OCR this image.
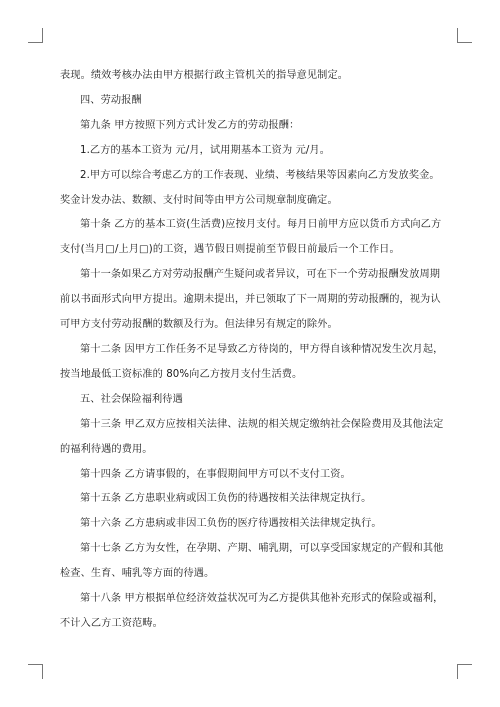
表现。绩效考核办法由甲方根据行政主管机关的指导意见制定。

四、劳动报酬

第九条 甲方按照下列方式计发乙方的劳动报酬：

1.乙方的基本工资为 元/月，试用期基本工资为 元/月。

2.甲方可以综合考虑乙方的工作表现、业绩、考核结果等因素向乙方发放奖金。

奖金计发办法、数额、支付时间等由甲方公司规章制度确定。

第十条 乙方的基本工资(生活费)应按月支付。每月日前甲方应以货币方式向乙方

支付(当月□/上月□)的工资，遇节假日则提前至节假日前最后一个工作日。

第十一条如果乙方对劳动报酬产生疑问或者异议，可在下一个劳动报酬发放周期

前以书面形式向甲方提出。逾期未提出，并已领取了下一周期的劳动报酬的，视为认

可甲方支付劳动报酬的数额及行为。但法律另有规定的除外。

第十二条 因甲方工作任务不足导致乙方待岗的，甲方得自该种情况发生次月起，

按当地最低工资标准的 80%向乙方按月支付生活费。

五、社会保险福利待遇

第十三条 甲乙双方应按相关法律、法规的相关规定缴纳社会保险费用及其他法定

的福利待遇的费用。

第十四条 乙方请事假的，在事假期间甲方可以不支付工资。

第十五条 乙方患职业病或因工负伤的待遇按相关法律规定执行。

第十六条 乙方患病或非因工负伤的医疗待遇按相关法律规定执行。

第十七条 乙方为女性，在孕期、产期、哺乳期，可以享受国家规定的产假和其他

检查、生育、哺乳等方面的待遇。

第十八条 甲方根据单位经济效益状况可为乙方提供其他补充形式的保险或福利，

不计入乙方工资范畴。
